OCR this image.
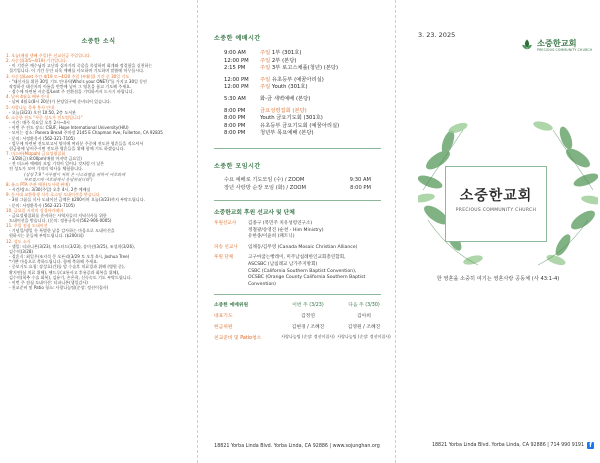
소중한 소식
1. 오늘(매월 넷째 주일)은 선교헌금 주일입니다.
2. 사순절(3/5~4/19) 기간입니다.
- 이 기간은 예수님의 고난과 십자가의 죽음을 묵상하며 회개와 정결함을 실천하는
절기입니다. 이 기간 동안 더욱 예배를 사모하며 기도하며 말씀에 머무릅시다.
3. 사순절/Lent 주간 4/19 토~4/20 주일 (부활절) 기간 중 30일 기도
- "태신자를 위한 30일 기도 안내서(Who's your ONE?)"를 가지고 30일 동안
작정하신 태신자의 이름을 빈칸에 넣어 그 영혼을 품고 기도해 주세요.
- 접수에 마련된 사순절/Lent 주 전환점을 기억하셔서 드시기 바랍니다.
4. 날씨 4월호 배부 안내
- 날씨 4월호(8시 20분)가 본당입구에 준비되어 있습니다.
5. 사랑나눔 목욕 봉사 안내
- 오늘(3/23) 오전 10:50, 2층 도서관
6. 소중한 전도 "꾸준 성도가 전도팀입니다"
- 시간: 매주 목요일 오후 2시~4시
- 이번 주 전도 장소: CSUF, Hope International University(HIU)
- 모이는 장소: Panera Bread 주차장 2145 E Chapman Ave, Fullerton, CA 92835
- 문의: 서정환목사 (562-321-7105)
- 업무에 마련된 전도보고서 양식에 여러분 주중에 전도한 영혼들을 적으셔서
헌금함에 넣어주시면 전도한 영혼들을 위해 함께 기도 하겠습니다.
7. 미스바(Mizpah) 금요성령집회
- 3/28(금) 8:00pm(매월 마지막 금요일)
- 전 미스바 예배의 모임 기적이 일어나 것처럼 이 날은
전 성도가 모여 기적의 역사를 체험합니다.
(삼상 7:9 "사무엘이 저희 온 이스라엘을 위하여 여호와께
부르짖으매 여호와께서 응답하셨더라")
8. 유스 PTA 주관 애찬(도시락 판매)
- 시간/장소: 3/30(주일) 오후 4시, 2층 예배실
9. 동서대 교환학생 식사 호스팅 도네이션을 받습니다
- 3월 그룹들 식사 도네이션 금액은 $200이며 오늘(3/23)까지 부탁드립니다.
- 문의: 서정환목사 (562-321-7105)
10. 금요일 시작의 성경아카데미
- 금요성령집회를 준비하는 사역자들의 저녁식사를 위한
도네이션을 받습니다. (문의: 정흥규목사(562-906-0005)
11. 주일 점심 도네이션
- 기념일/생일 등 특별한 날을 감사하는 마음으로 도네이션을
원하시는 분들께 부탁드립니다. ($200/회)
12. 성도 소식
- 생일: 티파니본(3/23), 엑스터드(3/23), 송미선(3/25), 조성희(3/26),
김수미(3/28)
- 결혼식: 최일우/조지석 몽 오픈리(3/29 토 오후 4시, Joshua Tree)
*기쁜 마음으로 축하드립니다. 함께 축하해 주세요.
- 중보기도 요청: 장성호(간)를 암 수술후 치료경과 위해 (병원 중),
황지연(심 치료 위해), 팬드루(교통사고 후유증과 회복을 위해),
김수미(척추 수술 회복), 김유기, 손은희, 신숙숙도 기도 부탁드립니다.
- 이번 주 점심 도네이션: 티파니본(생일감사)
- 친교준비 및 Patio 청소: 사랑나눔팀(순장: 정선이집사)
소중한 예배시간
9:00 AM	주일 1부 (301호)
12:00 PM	주일 2부 (본당)
2:15 PM	주일 3부 로고스채플(청년) (본당)
12:00 PM	주일 유초등부 (예꿈아리실)
12:00 PM	주일 Youth (301호)
5:30 AM	화-금 새벽예배 (본당)
8:00 PM	금요성령집회 (본당)
8:00 PM	Youth 금요기도회 (301호)
8:00 PM	유초등부 금요기도회 (예꿈아리실)
8:00 PM	청년부 목요예배 (본당)
소중한 모임시간
수요 예배로 기도모임 (수) / ZOOM	9:30 AM
장년 사랑방 순장 모임 (화) / ZOOM	8:00 PM
소중한교회 후원 선교사 및 단체
후원선교사	김종구 (복민주 치유성령연구소)
정철광/송영진 (순천 - Him Ministry)
유한종/이윤희 (패트닉)
파송 선교사	임채동/김무영 (Canada Mosaic Christian Alliance)
후원 단체	고구마굽는빵레이, 미주남침례한인교회총연합회,
ASCSBC (남침례교 남가주지방회)
CSBC (California Southern Baptist Convention),
OCSBC (Orange County California Southern Baptist Convention)
소중한 예배위원	이번 주 (3/23)	다음 주 (3/30)
대표기도	김정연	김아희
헌금위원	김현경 / 조혜진	김영원 / 조혜진
친교준비 및 Patio청소	사랑나눔팀 (순장: 정선이집사)	사랑나눔팀 (순장: 정선이집사)
18821 Yorba Linda Blvd. Yorba Linda, CA 92886 | www.sojunghan.org
3. 23. 2025
소중한교회
PRECIOUS COMMUNITY CHURCH
소중한교회
PRECIOUS COMMUNITY CHURCH
한 영혼을 소중히 여기는 영혼사랑 공동체 (사 43:1-4)
18821 Yorba Linda Blvd. Yorba Linda, CA 92886 | 714 990 9191 f
